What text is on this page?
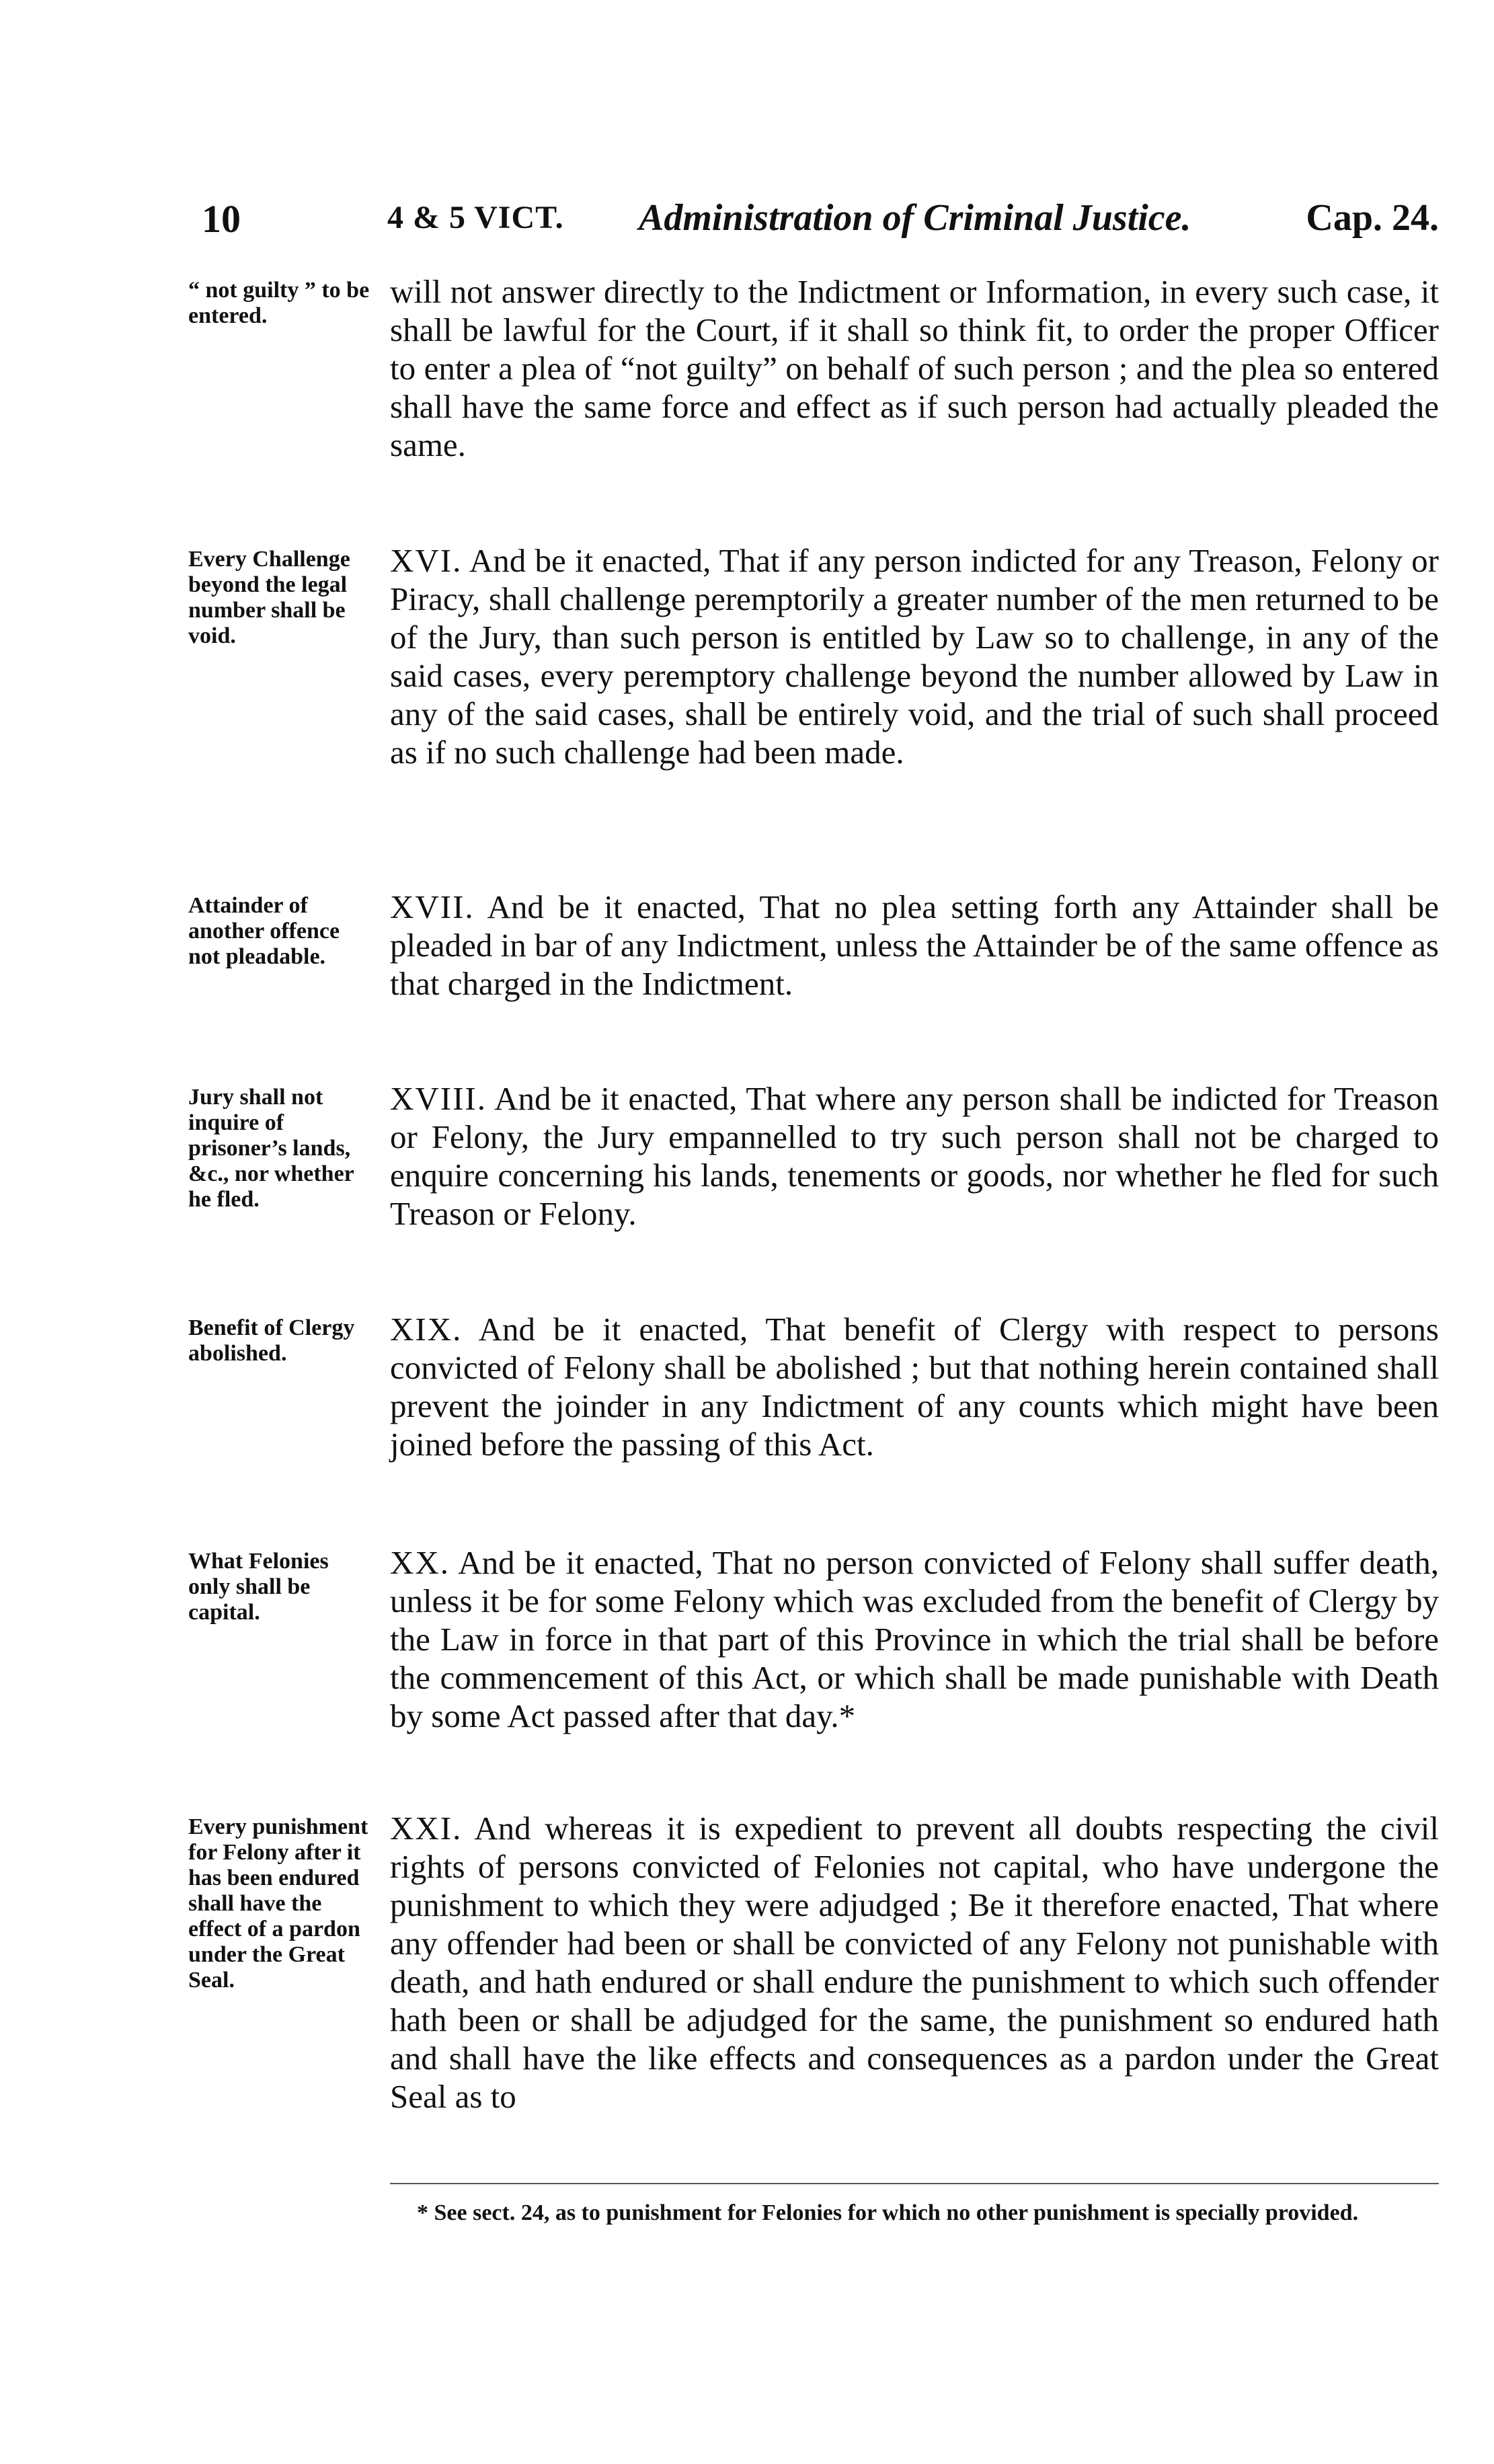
10	4 & 5 VICT. Administration of Criminal Justice.	Cap. 24.
“ not guilty ” to be entered.
will not answer directly to the Indictment or Information, in every such case, it shall be lawful for the Court, if it shall so think fit, to order the proper Officer to enter a plea of “not guilty” on behalf of such person ; and the plea so entered shall have the same force and effect as if such person had actually pleaded the same.
Every Challenge beyond the legal number shall be void.
XVI. And be it enacted, That if any person indicted for any Treason, Felony or Piracy, shall challenge peremptorily a greater number of the men returned to be of the Jury, than such person is entitled by Law so to challenge, in any of the said cases, every peremptory challenge beyond the number allowed by Law in any of the said cases, shall be entirely void, and the trial of such shall proceed as if no such challenge had been made.
Attainder of another offence not pleadable.
XVII. And be it enacted, That no plea setting forth any Attainder shall be pleaded in bar of any Indictment, unless the Attainder be of the same offence as that charged in the Indictment.
Jury shall not inquire of prisoner’s lands, &c., nor whether he fled.
XVIII. And be it enacted, That where any person shall be indicted for Treason or Felony, the Jury empannelled to try such person shall not be charged to enquire concerning his lands, tenements or goods, nor whether he fled for such Treason or Felony.
Benefit of Clergy abolished.
XIX. And be it enacted, That benefit of Clergy with respect to persons convicted of Felony shall be abolished ; but that nothing herein contained shall prevent the joinder in any Indictment of any counts which might have been joined before the passing of this Act.
What Felonies only shall be capital.
XX. And be it enacted, That no person convicted of Felony shall suffer death, unless it be for some Felony which was excluded from the benefit of Clergy by the Law in force in that part of this Province in which the trial shall be before the commencement of this Act, or which shall be made punishable with Death by some Act passed after that day.*
Every punishment for Felony after it has been endured shall have the effect of a pardon under the Great Seal.
XXI. And whereas it is expedient to prevent all doubts respecting the civil rights of persons convicted of Felonies not capital, who have undergone the punishment to which they were adjudged ; Be it therefore enacted, That where any offender had been or shall be convicted of any Felony not punishable with death, and hath endured or shall endure the punishment to which such offender hath been or shall be adjudged for the same, the punishment so endured hath and shall have the like effects and consequences as a pardon under the Great Seal as to
* See sect. 24, as to punishment for Felonies for which no other punishment is specially provided.
